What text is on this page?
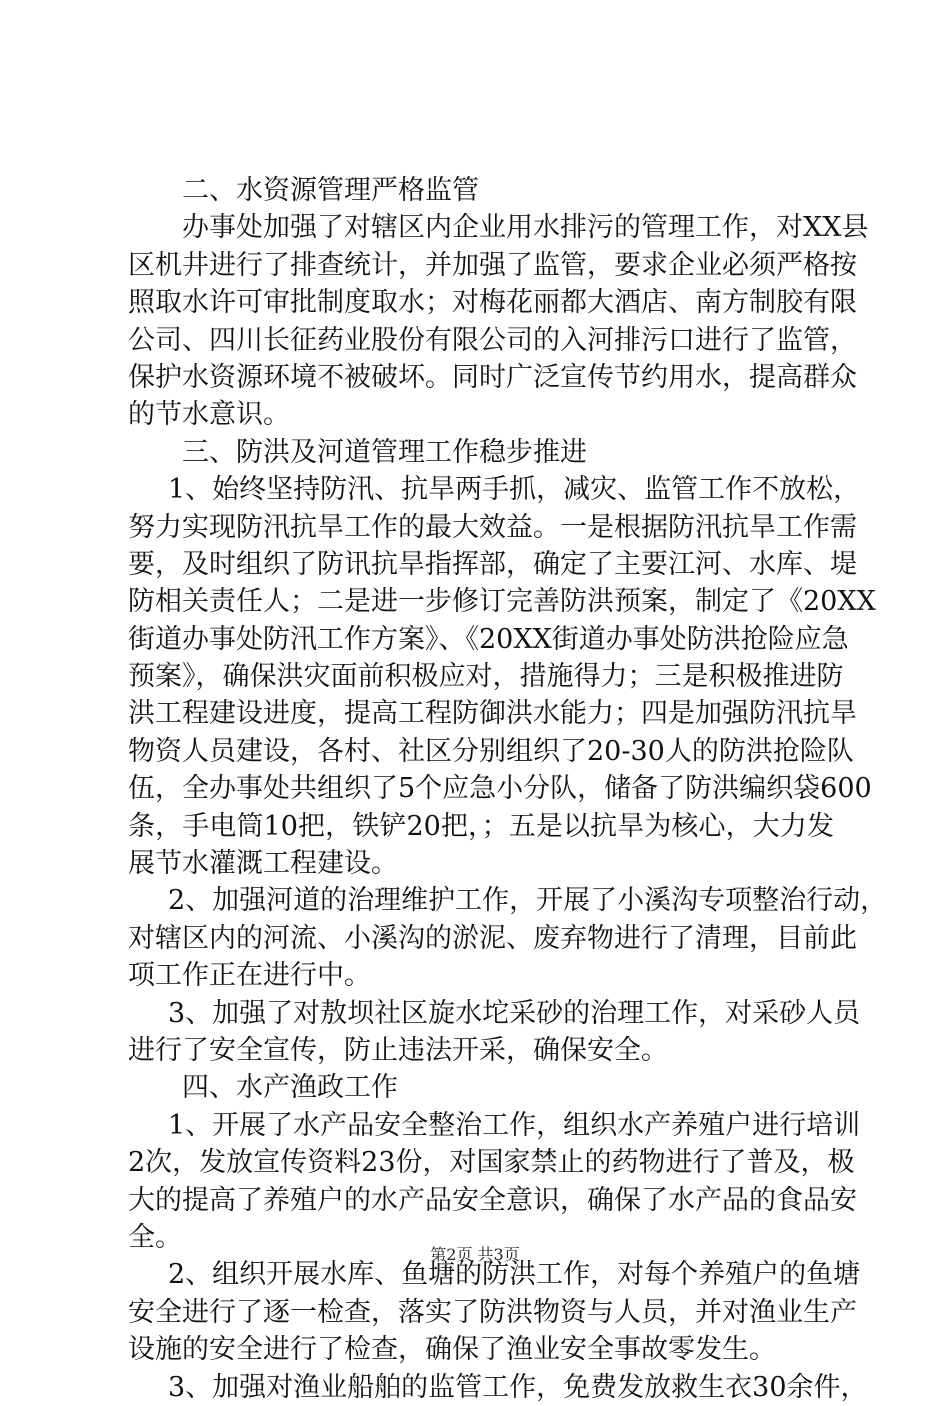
二、水资源管理严格监管
办事处加强了对辖区内企业用水排污的管理工作，对XX县
区机井进行了排查统计，并加强了监管，要求企业必须严格按
照取水许可审批制度取水；对梅花丽都大酒店、南方制胶有限
公司、四川长征药业股份有限公司的入河排污口进行了监管，
保护水资源环境不被破坏。同时广泛宣传节约用水，提高群众
的节水意识。
三、防洪及河道管理工作稳步推进
1、始终坚持防汛、抗旱两手抓，减灾、监管工作不放松，
努力实现防汛抗旱工作的最大效益。一是根据防汛抗旱工作需
要，及时组织了防讯抗旱指挥部，确定了主要江河、水库、堤
防相关责任人；二是进一步修订完善防洪预案，制定了《20XX
街道办事处防汛工作方案》、《20XX街道办事处防洪抢险应急
预案》，确保洪灾面前积极应对，措施得力；三是积极推进防
洪工程建设进度，提高工程防御洪水能力；四是加强防汛抗旱
物资人员建设，各村、社区分别组织了20-30人的防洪抢险队
伍，全办事处共组织了5个应急小分队，储备了防洪编织袋600
条，手电筒10把，铁铲20把，；五是以抗旱为核心，大力发
展节水灌溉工程建设。
2、加强河道的治理维护工作，开展了小溪沟专项整治行动，
对辖区内的河流、小溪沟的淤泥、废弃物进行了清理，目前此
项工作正在进行中。
3、加强了对敖坝社区旋水坨采砂的治理工作，对采砂人员
进行了安全宣传，防止违法开采，确保安全。
四、水产渔政工作
1、开展了水产品安全整治工作，组织水产养殖户进行培训
2次，发放宣传资料23份，对国家禁止的药物进行了普及，极
大的提高了养殖户的水产品安全意识，确保了水产品的食品安
全。
2、组织开展水库、鱼塘的防洪工作，对每个养殖户的鱼塘
安全进行了逐一检查，落实了防洪物资与人员，并对渔业生产
设施的安全进行了检查，确保了渔业安全事故零发生。
3、加强对渔业船舶的监管工作，免费发放救生衣30余件，
第2页 共3页
